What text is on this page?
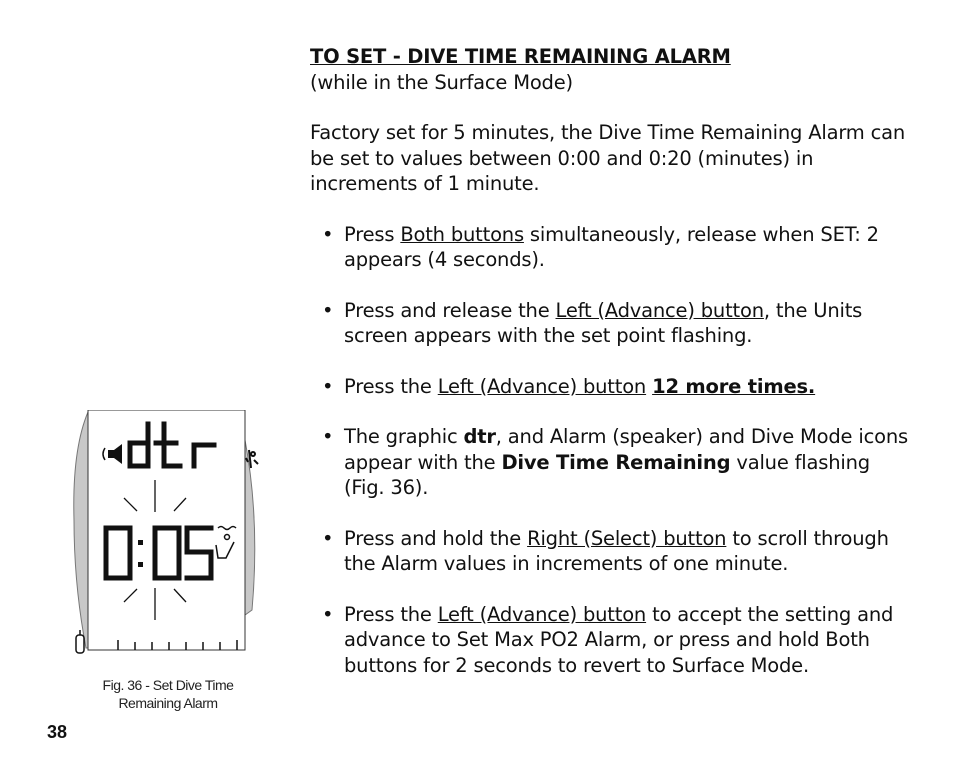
TO SET - DIVE TIME REMAINING ALARM
(while in the Surface Mode)
Factory set for 5 minutes, the Dive Time Remaining Alarm can be set to values between 0:00 and 0:20 (minutes) in increments of 1 minute.
• Press Both buttons simultaneously, release when SET: 2 appears (4 seconds).
• Press and release the Left (Advance) button, the Units screen appears with the set point flashing.
• Press the Left (Advance) button 12 more times.
• The graphic dtr, and Alarm (speaker) and Dive Mode icons appear with the Dive Time Remaining value flashing (Fig. 36).
• Press and hold the Right (Select) button to scroll through the Alarm values in increments of one minute.
• Press the Left (Advance) button to accept the setting and advance to Set Max PO2 Alarm, or press and hold Both buttons for 2 seconds to revert to Surface Mode.
Fig. 36 - Set Dive Time
Remaining Alarm
38
